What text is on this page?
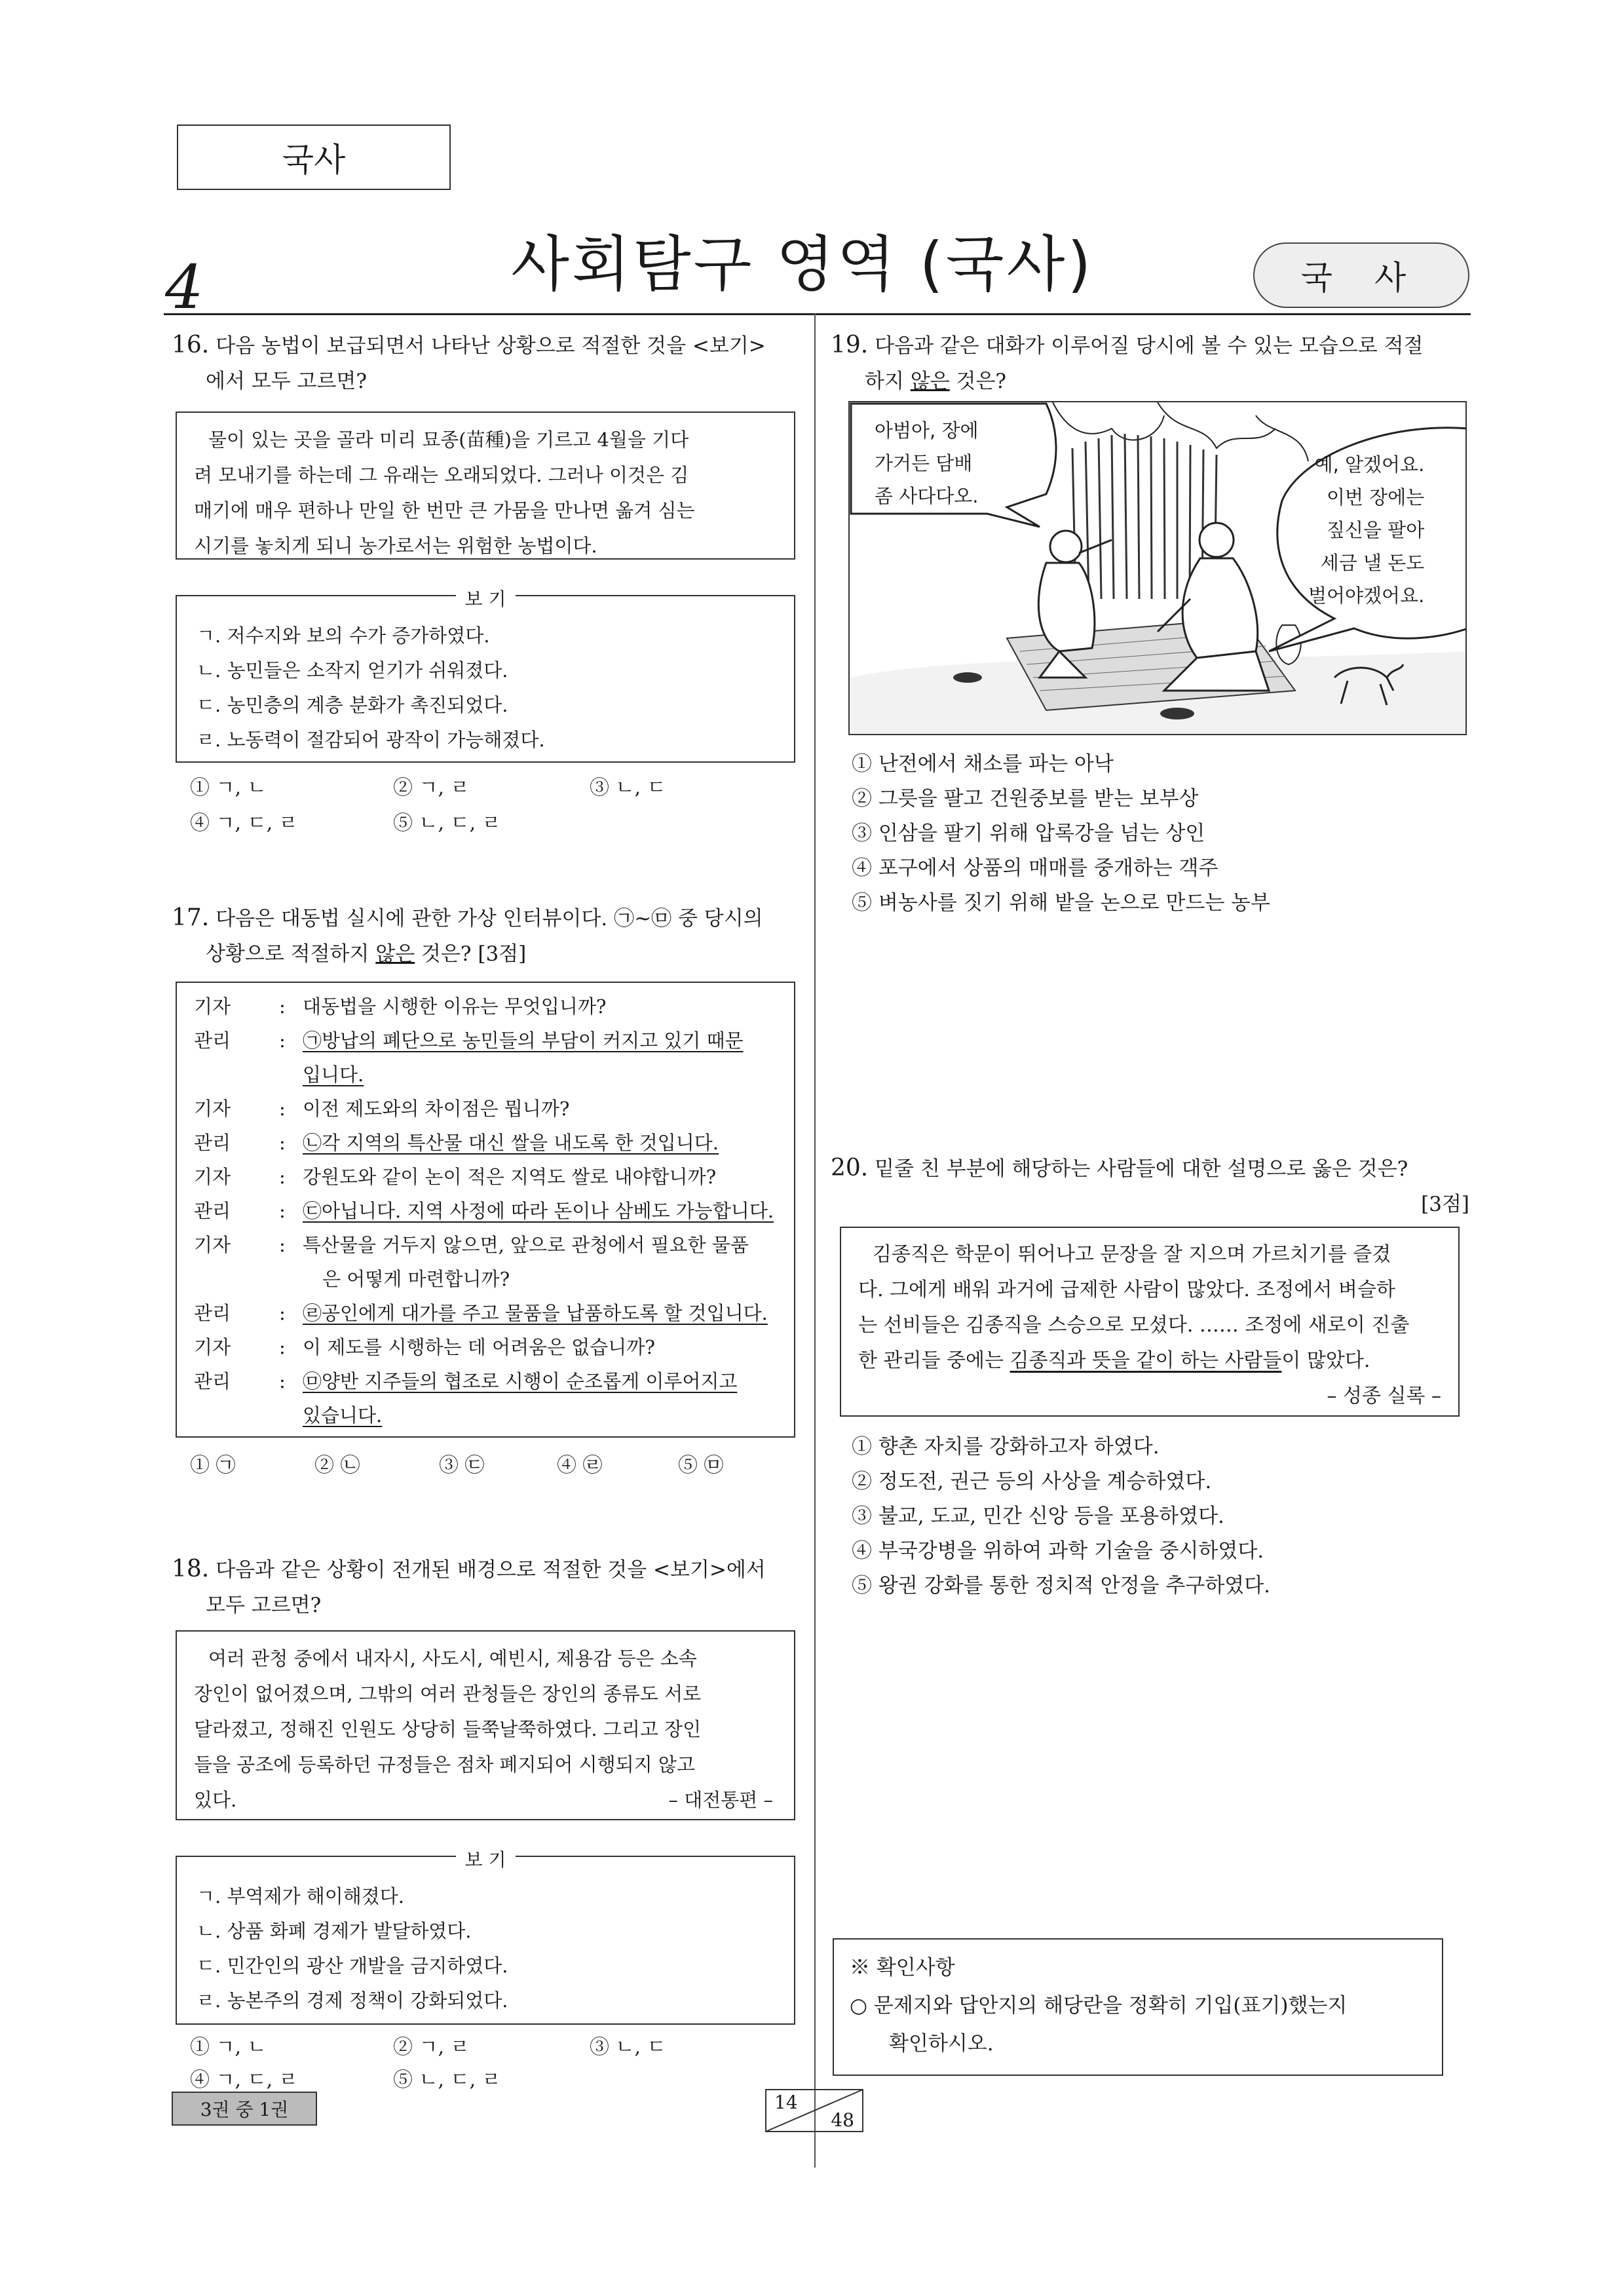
국사
4	사회탐구 영역 (국사)	국 사
16. 다음 농법이 보급되면서 나타난 상황으로 적절한 것을 <보기>
에서 모두 고르면?
물이 있는 곳을 골라 미리 묘종(苗種)을 기르고 4월을 기다
려 모내기를 하는데 그 유래는 오래되었다. 그러나 이것은 김
매기에 매우 편하나 만일 한 번만 큰 가뭄을 만나면 옮겨 심는
시기를 놓치게 되니 농가로서는 위험한 농법이다.
보 기
ㄱ. 저수지와 보의 수가 증가하였다.
ㄴ. 농민들은 소작지 얻기가 쉬워졌다.
ㄷ. 농민층의 계층 분화가 촉진되었다.
ㄹ. 노동력이 절감되어 광작이 가능해졌다.
① ㄱ, ㄴ	② ㄱ, ㄹ	③ ㄴ, ㄷ
④ ㄱ, ㄷ, ㄹ	⑤ ㄴ, ㄷ, ㄹ
17. 다음은 대동법 실시에 관한 가상 인터뷰이다. ㉠~㉤ 중 당시의
상황으로 적절하지 않은 것은? [3점]
기자	:	대동법을 시행한 이유는 무엇입니까?
관리	:	㉠방납의 폐단으로 농민들의 부담이 커지고 있기 때문
		입니다.
기자	:	이전 제도와의 차이점은 뭡니까?
관리	:	㉡각 지역의 특산물 대신 쌀을 내도록 한 것입니다.
기자	:	강원도와 같이 논이 적은 지역도 쌀로 내야합니까?
관리	:	㉢아닙니다. 지역 사정에 따라 돈이나 삼베도 가능합니다.
기자	:	특산물을 거두지 않으면, 앞으로 관청에서 필요한 물품
		은 어떻게 마련합니까?
관리	:	㉣공인에게 대가를 주고 물품을 납품하도록 할 것입니다.
기자	:	이 제도를 시행하는 데 어려움은 없습니까?
관리	:	㉤양반 지주들의 협조로 시행이 순조롭게 이루어지고
		있습니다.
① ㉠	② ㉡	③ ㉢	④ ㉣	⑤ ㉤
18. 다음과 같은 상황이 전개된 배경으로 적절한 것을 <보기>에서
모두 고르면?
여러 관청 중에서 내자시, 사도시, 예빈시, 제용감 등은 소속
장인이 없어졌으며, 그밖의 여러 관청들은 장인의 종류도 서로
달라졌고, 정해진 인원도 상당히 들쭉날쭉하였다. 그리고 장인
들을 공조에 등록하던 규정들은 점차 폐지되어 시행되지 않고
있다.	– 대전통편 –
보 기
ㄱ. 부역제가 해이해졌다.
ㄴ. 상품 화폐 경제가 발달하였다.
ㄷ. 민간인의 광산 개발을 금지하였다.
ㄹ. 농본주의 경제 정책이 강화되었다.
① ㄱ, ㄴ	② ㄱ, ㄹ	③ ㄴ, ㄷ
④ ㄱ, ㄷ, ㄹ	⑤ ㄴ, ㄷ, ㄹ
19. 다음과 같은 대화가 이루어질 당시에 볼 수 있는 모습으로 적절
하지 않은 것은?
아범아, 장에
가거든 담배
좀 사다다오.
예, 알겠어요.
이번 장에는
짚신을 팔아
세금 낼 돈도
벌어야겠어요.
① 난전에서 채소를 파는 아낙
② 그릇을 팔고 건원중보를 받는 보부상
③ 인삼을 팔기 위해 압록강을 넘는 상인
④ 포구에서 상품의 매매를 중개하는 객주
⑤ 벼농사를 짓기 위해 밭을 논으로 만드는 농부
20. 밑줄 친 부분에 해당하는 사람들에 대한 설명으로 옳은 것은?
[3점]
김종직은 학문이 뛰어나고 문장을 잘 지으며 가르치기를 즐겼
다. 그에게 배워 과거에 급제한 사람이 많았다. 조정에서 벼슬하
는 선비들은 김종직을 스승으로 모셨다. …… 조정에 새로이 진출
한 관리들 중에는 김종직과 뜻을 같이 하는 사람들이 많았다.
– 성종 실록 –
① 향촌 자치를 강화하고자 하였다.
② 정도전, 권근 등의 사상을 계승하였다.
③ 불교, 도교, 민간 신앙 등을 포용하였다.
④ 부국강병을 위하여 과학 기술을 중시하였다.
⑤ 왕권 강화를 통한 정치적 안정을 추구하였다.
※ 확인사항
○ 문제지와 답안지의 해당란을 정확히 기입(표기)했는지
확인하시오.
3권 중 1권	14
48
